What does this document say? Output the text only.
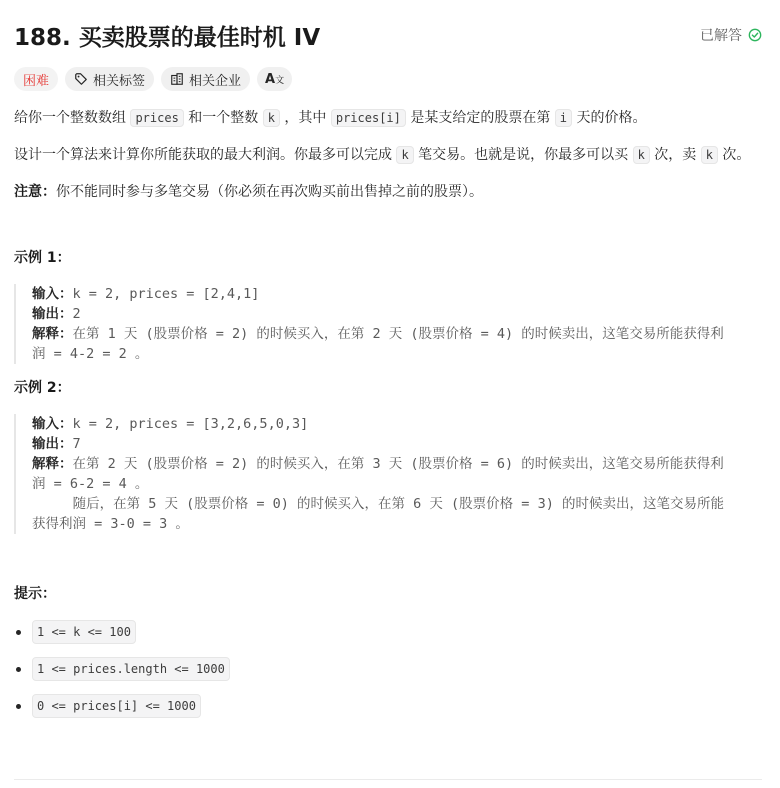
188. 买卖股票的最佳时机 IV	已解答
困难	相关标签	相关企业 A文
给你一个整数数组 prices 和一个整数 k ，其中 prices[i] 是某支给定的股票在第 i 天的价格。
设计一个算法来计算你所能获取的最大利润。你最多可以完成 k 笔交易。也就是说，你最多可以买 k 次，卖 k 次。
注意：你不能同时参与多笔交易（你必须在再次购买前出售掉之前的股票）。
示例 1：
输入：k = 2, prices = [2,4,1]
输出：2
解释：在第 1 天 (股票价格 = 2) 的时候买入，在第 2 天 (股票价格 = 4) 的时候卖出，这笔交易所能获得利
润 = 4-2 = 2 。
示例 2：
输入：k = 2, prices = [3,2,6,5,0,3]
输出：7
解释：在第 2 天 (股票价格 = 2) 的时候买入，在第 3 天 (股票价格 = 6) 的时候卖出，这笔交易所能获得利
润 = 6-2 = 4 。
随后，在第 5 天 (股票价格 = 0) 的时候买入，在第 6 天 (股票价格 = 3) 的时候卖出，这笔交易所能
获得利润 = 3-0 = 3 。
提示：
1 <= k <= 100
1 <= prices.length <= 1000
0 <= prices[i] <= 1000
